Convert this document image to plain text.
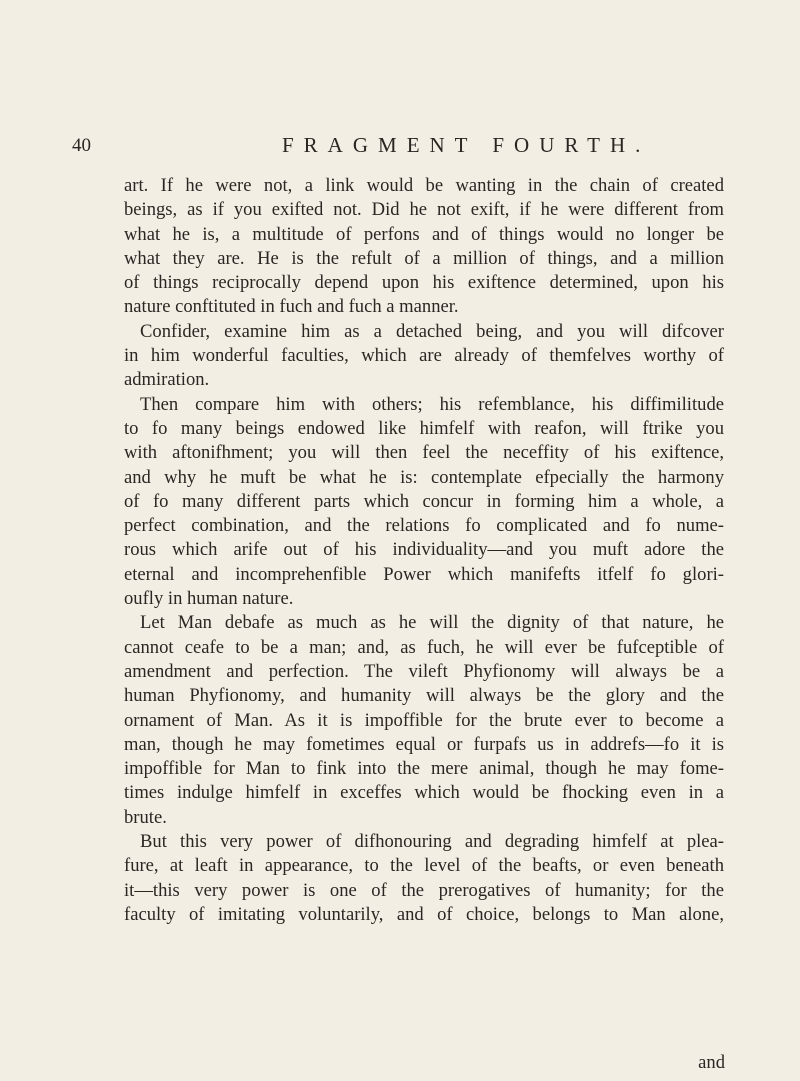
40	FRAGMENT FOURTH.
art. If he were not, a link would be wanting in the chain of created
beings, as if you exifted not. Did he not exift, if he were different from
what he is, a multitude of perfons and of things would no longer be
what they are. He is the refult of a million of things, and a million
of things reciprocally depend upon his exiftence determined, upon his
nature conftituted in fuch and fuch a manner.
Confider, examine him as a detached being, and you will difcover
in him wonderful faculties, which are already of themfelves worthy of
admiration.
Then compare him with others; his refemblance, his diffimilitude
to fo many beings endowed like himfelf with reafon, will ftrike you
with aftonifhment; you will then feel the neceffity of his exiftence,
and why he muft be what he is: contemplate efpecially the harmony
of fo many different parts which concur in forming him a whole, a
perfect combination, and the relations fo complicated and fo nume-
rous which arife out of his individuality—and you muft adore the
eternal and incomprehenfible Power which manifefts itfelf fo glori-
oufly in human nature.
Let Man debafe as much as he will the dignity of that nature, he
cannot ceafe to be a man; and, as fuch, he will ever be fufceptible of
amendment and perfection. The vileft Phyfionomy will always be a
human Phyfionomy, and humanity will always be the glory and the
ornament of Man. As it is impoffible for the brute ever to become a
man, though he may fometimes equal or furpafs us in addrefs—fo it is
impoffible for Man to fink into the mere animal, though he may fome-
times indulge himfelf in exceffes which would be fhocking even in a
brute.
But this very power of difhonouring and degrading himfelf at plea-
fure, at leaft in appearance, to the level of the beafts, or even beneath
it—this very power is one of the prerogatives of humanity; for the
faculty of imitating voluntarily, and of choice, belongs to Man alone,
and
